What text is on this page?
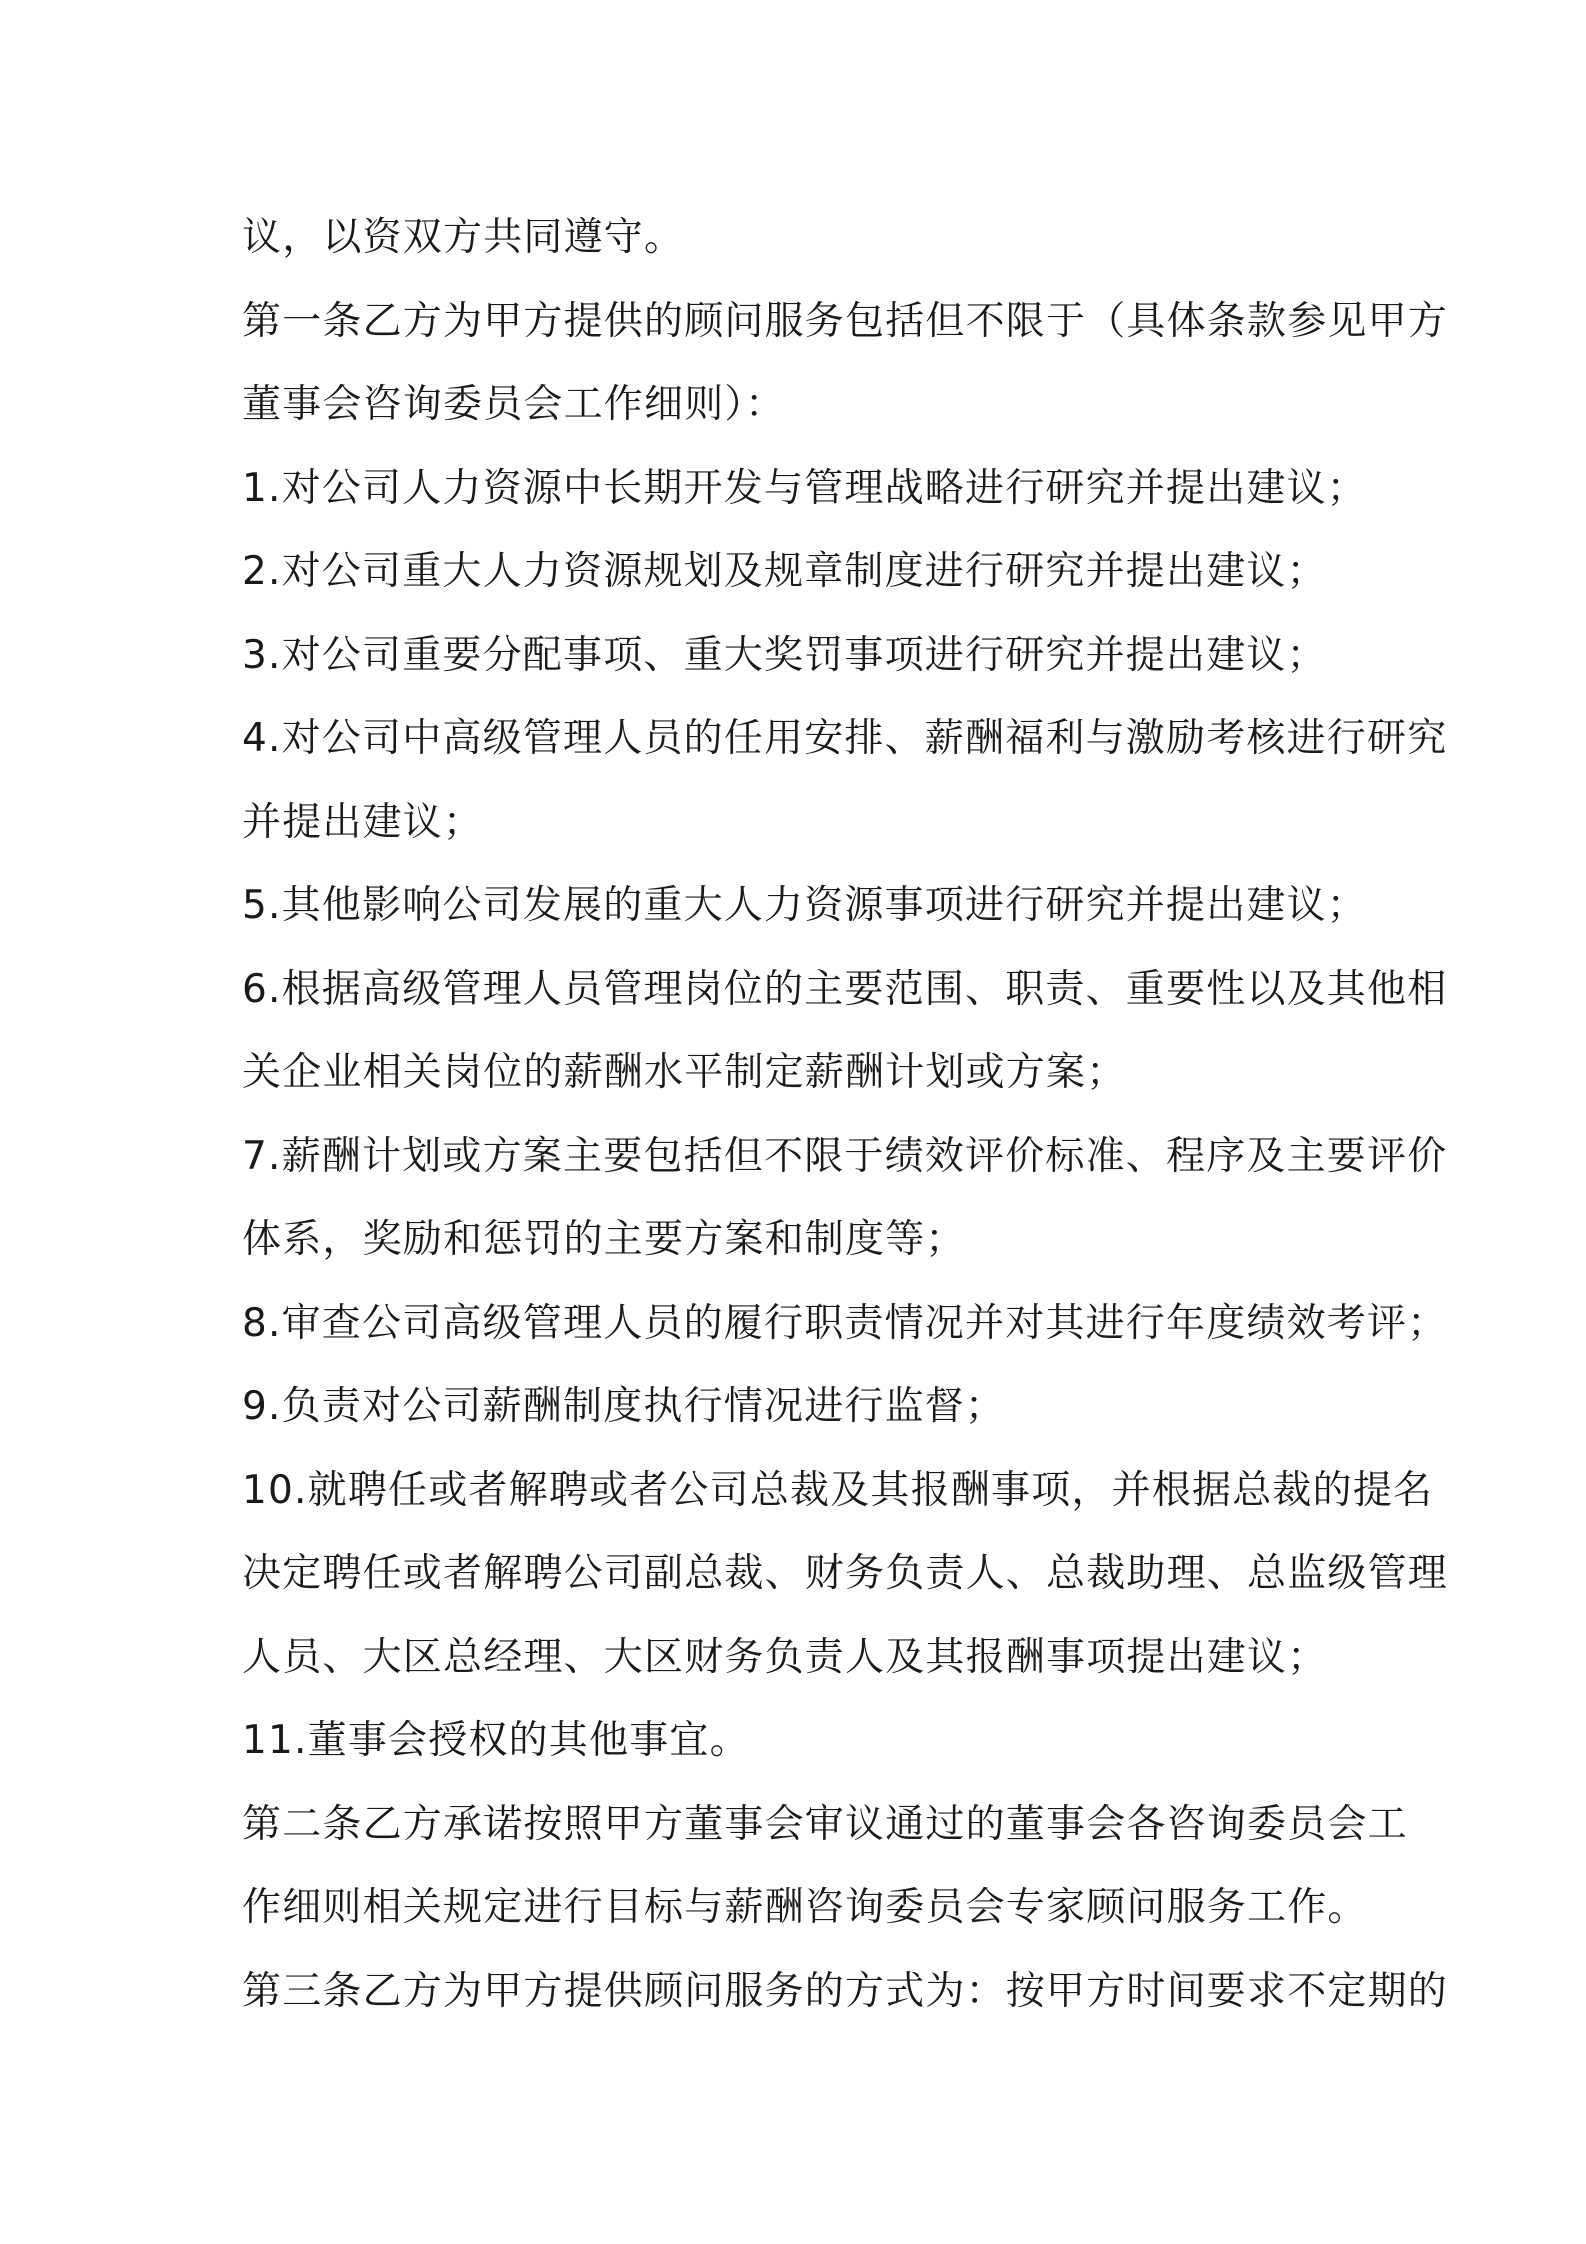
议，以资双方共同遵守。
第一条乙方为甲方提供的顾问服务包括但不限于（具体条款参见甲方
董事会咨询委员会工作细则）：
1.对公司人力资源中长期开发与管理战略进行研究并提出建议；
2.对公司重大人力资源规划及规章制度进行研究并提出建议；
3.对公司重要分配事项、重大奖罚事项进行研究并提出建议；
4.对公司中高级管理人员的任用安排、薪酬福利与激励考核进行研究
并提出建议；
5.其他影响公司发展的重大人力资源事项进行研究并提出建议；
6.根据高级管理人员管理岗位的主要范围、职责、重要性以及其他相
关企业相关岗位的薪酬水平制定薪酬计划或方案；
7.薪酬计划或方案主要包括但不限于绩效评价标准、程序及主要评价
体系，奖励和惩罚的主要方案和制度等；
8.审查公司高级管理人员的履行职责情况并对其进行年度绩效考评；
9.负责对公司薪酬制度执行情况进行监督；
10.就聘任或者解聘或者公司总裁及其报酬事项，并根据总裁的提名
决定聘任或者解聘公司副总裁、财务负责人、总裁助理、总监级管理
人员、大区总经理、大区财务负责人及其报酬事项提出建议；
11.董事会授权的其他事宜。
第二条乙方承诺按照甲方董事会审议通过的董事会各咨询委员会工
作细则相关规定进行目标与薪酬咨询委员会专家顾问服务工作。
第三条乙方为甲方提供顾问服务的方式为：按甲方时间要求不定期的
